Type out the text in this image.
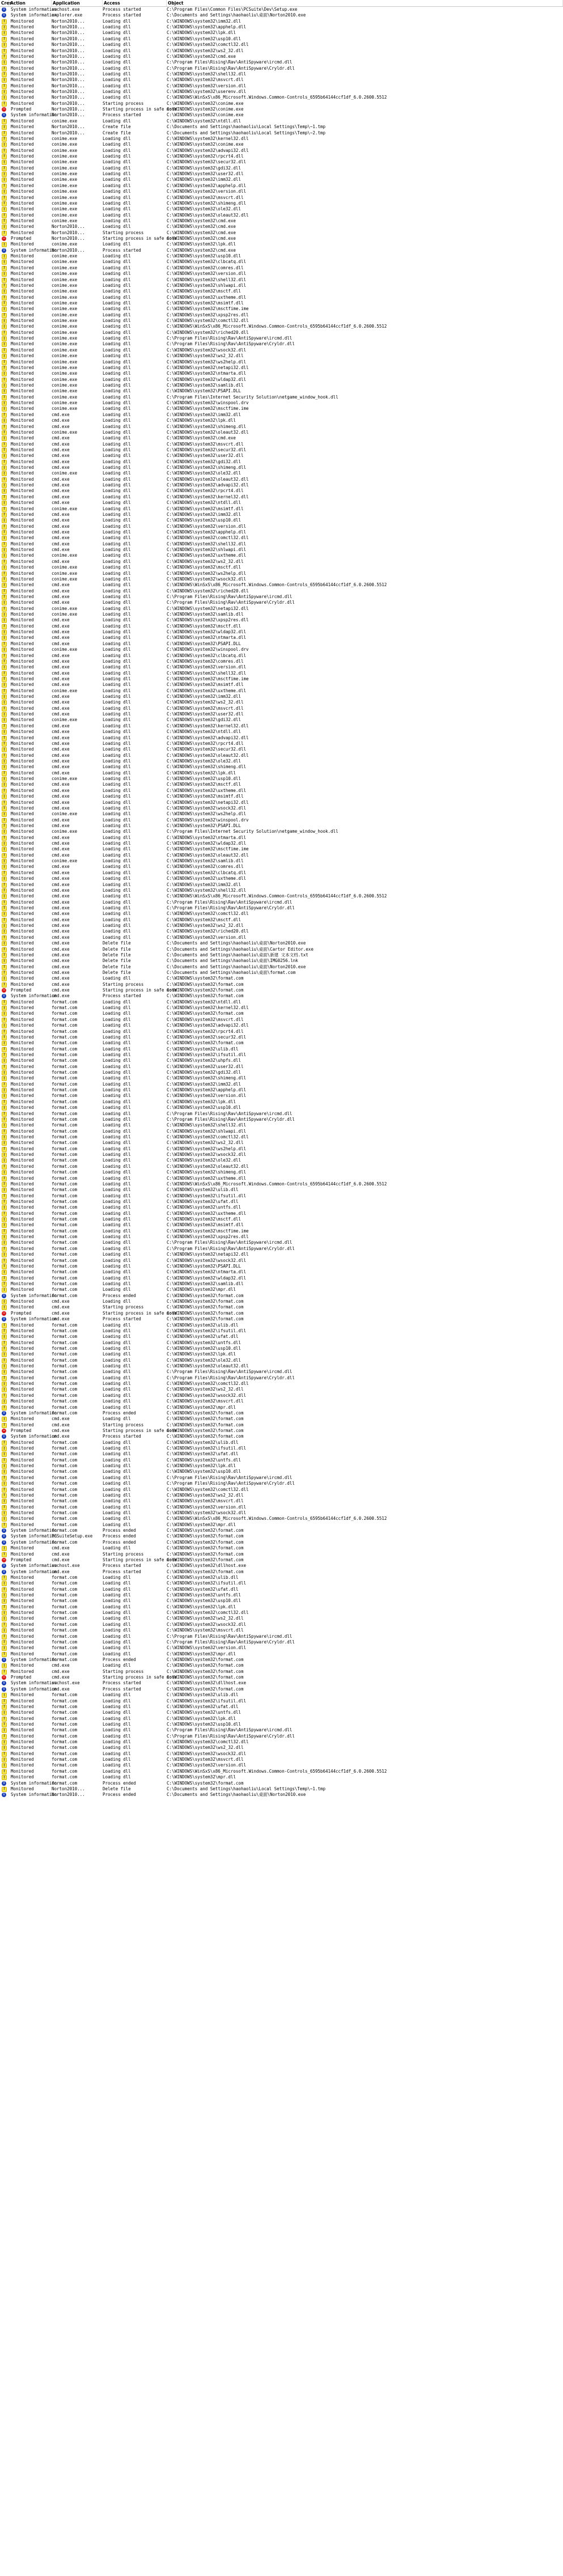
Cres
Action	Application	Access	Object
i	System information
svchost.exe	Process started	C:\Program Files\Common Files\PCSuite\Dev\Setup.exe
i	System information
explorer.exe	Process started	C:\Documents and Settings\haohaoliu\桌面\Norton2010.exe
!	Monitored	Norton2010...	Loading dll	C:\WINDOWS\system32\imm32.dll
!	Monitored	Norton2010...	Loading dll	C:\WINDOWS\system32\apphelp.dll
!	Monitored	Norton2010...	Loading dll	C:\WINDOWS\system32\lpk.dll
!	Monitored	Norton2010...	Loading dll	C:\WINDOWS\system32\usp10.dll
!	Monitored	Norton2010...	Loading dll	C:\WINDOWS\system32\comctl32.dll
!	Monitored	Norton2010...	Loading dll	C:\WINDOWS\system32\ws2_32.dll
!	Monitored	Norton2010...	Loading dll	C:\WINDOWS\system32\cmd.exe
!	Monitored	Norton2010...	Loading dll	C:\Program Files\Rising\Rav\AntiSpyware\ircmd.dll
!	Monitored	Norton2010...	Loading dll	C:\Program Files\Rising\Rav\AntiSpyware\Cryldr.dll
!	Monitored	Norton2010...	Loading dll	C:\WINDOWS\system32\shell32.dll
!	Monitored	Norton2010...	Loading dll	C:\WINDOWS\system32\msvcrt.dll
!	Monitored	Norton2010...	Loading dll	C:\WINDOWS\system32\version.dll
!	Monitored	Norton2010...	Loading dll	C:\WINDOWS\system32\userenv.dll
!	Monitored	Norton2010...	Loading dll	C:\WINDOWS\WinSxS\x86_Microsoft.Windows.Common-Controls_6595b64144ccf1df_6.0.2600.5512
!	Monitored	Norton2010...	Starting process	C:\WINDOWS\system32\conime.exe
−	Prompted	Norton2010...	Starting process in safe mode
C:\WINDOWS\system32\conime.exe
i	System information
Norton2010...	Process started	C:\WINDOWS\system32\conime.exe
!	Monitored	conime.exe	Loading dll	C:\WINDOWS\system32\ntdll.dll
!	Monitored	Norton2010...	Create file	C:\Documents and Settings\haohaoliu\Local Settings\Temp\~1.tmp
!	Monitored	Norton2010...	Create file	C:\Documents and Settings\haohaoliu\Local Settings\Temp\~2.tmp
!	Monitored	conime.exe	Loading dll	C:\WINDOWS\system32\kernel32.dll
!	Monitored	conime.exe	Loading dll	C:\WINDOWS\system32\conime.exe
!	Monitored	conime.exe	Loading dll	C:\WINDOWS\system32\advapi32.dll
!	Monitored	conime.exe	Loading dll	C:\WINDOWS\system32\rpcrt4.dll
!	Monitored	conime.exe	Loading dll	C:\WINDOWS\system32\secur32.dll
!	Monitored	conime.exe	Loading dll	C:\WINDOWS\system32\gdi32.dll
!	Monitored	conime.exe	Loading dll	C:\WINDOWS\system32\user32.dll
!	Monitored	conime.exe	Loading dll	C:\WINDOWS\system32\imm32.dll
!	Monitored	conime.exe	Loading dll	C:\WINDOWS\system32\apphelp.dll
!	Monitored	conime.exe	Loading dll	C:\WINDOWS\system32\version.dll
!	Monitored	conime.exe	Loading dll	C:\WINDOWS\system32\msvcrt.dll
!	Monitored	conime.exe	Loading dll	C:\WINDOWS\system32\shimeng.dll
!	Monitored	conime.exe	Loading dll	C:\WINDOWS\system32\ole32.dll
!	Monitored	conime.exe	Loading dll	C:\WINDOWS\system32\oleaut32.dll
!	Monitored	conime.exe	Loading dll	C:\WINDOWS\system32\cmd.exe
!	Monitored	Norton2010...	Loading dll	C:\WINDOWS\system32\cmd.exe
!	Monitored	Norton2010...	Starting process	C:\WINDOWS\system32\cmd.exe
−	Prompted	Norton2010...	Starting process in safe mode
C:\WINDOWS\system32\cmd.exe
!	Monitored	conime.exe	Loading dll	C:\WINDOWS\system32\lpk.dll
i	System information
Norton2010...	Process started	C:\WINDOWS\system32\cmd.exe
!	Monitored	conime.exe	Loading dll	C:\WINDOWS\system32\usp10.dll
!	Monitored	conime.exe	Loading dll	C:\WINDOWS\system32\clbcatq.dll
!	Monitored	conime.exe	Loading dll	C:\WINDOWS\system32\comres.dll
!	Monitored	conime.exe	Loading dll	C:\WINDOWS\system32\version.dll
!	Monitored	conime.exe	Loading dll	C:\WINDOWS\system32\shell32.dll
!	Monitored	conime.exe	Loading dll	C:\WINDOWS\system32\shlwapi.dll
!	Monitored	conime.exe	Loading dll	C:\WINDOWS\system32\msctf.dll
!	Monitored	conime.exe	Loading dll	C:\WINDOWS\system32\uxtheme.dll
!	Monitored	conime.exe	Loading dll	C:\WINDOWS\system32\msimtf.dll
!	Monitored	conime.exe	Loading dll	C:\WINDOWS\system32\msctfime.ime
!	Monitored	conime.exe	Loading dll	C:\WINDOWS\system32\xpsp2res.dll
!	Monitored	conime.exe	Loading dll	C:\WINDOWS\system32\comctl32.dll
!	Monitored	conime.exe	Loading dll	C:\WINDOWS\WinSxS\x86_Microsoft.Windows.Common-Controls_6595b64144ccf1df_6.0.2600.5512
!	Monitored	conime.exe	Loading dll	C:\WINDOWS\system32\riched20.dll
!	Monitored	conime.exe	Loading dll	C:\Program Files\Rising\Rav\AntiSpyware\ircmd.dll
!	Monitored	conime.exe	Loading dll	C:\Program Files\Rising\Rav\AntiSpyware\Cryldr.dll
!	Monitored	conime.exe	Loading dll	C:\WINDOWS\system32\wsock32.dll
!	Monitored	conime.exe	Loading dll	C:\WINDOWS\system32\ws2_32.dll
!	Monitored	conime.exe	Loading dll	C:\WINDOWS\system32\ws2help.dll
!	Monitored	conime.exe	Loading dll	C:\WINDOWS\system32\netapi32.dll
!	Monitored	conime.exe	Loading dll	C:\WINDOWS\system32\ntmarta.dll
!	Monitored	conime.exe	Loading dll	C:\WINDOWS\system32\wldap32.dll
!	Monitored	conime.exe	Loading dll	C:\WINDOWS\system32\samlib.dll
!	Monitored	conime.exe	Loading dll	C:\WINDOWS\system32\PSAPI.DLL
!	Monitored	conime.exe	Loading dll	C:\Program Files\Internet Security Solution\netgame_window_hook.dll
!	Monitored	conime.exe	Loading dll	C:\WINDOWS\system32\winspool.drv
!	Monitored	conime.exe	Loading dll	C:\WINDOWS\system32\msctfime.ime
!	Monitored	cmd.exe	Loading dll	C:\WINDOWS\system32\imm32.dll
!	Monitored	cmd.exe	Loading dll	C:\WINDOWS\system32\lpk.dll
!	Monitored	cmd.exe	Loading dll	C:\WINDOWS\system32\shimeng.dll
!	Monitored	conime.exe	Loading dll	C:\WINDOWS\system32\oleaut32.dll
!	Monitored	cmd.exe	Loading dll	C:\WINDOWS\system32\cmd.exe
!	Monitored	cmd.exe	Loading dll	C:\WINDOWS\system32\msvcrt.dll
!	Monitored	cmd.exe	Loading dll	C:\WINDOWS\system32\secur32.dll
!	Monitored	cmd.exe	Loading dll	C:\WINDOWS\system32\user32.dll
!	Monitored	cmd.exe	Loading dll	C:\WINDOWS\system32\gdi32.dll
!	Monitored	cmd.exe	Loading dll	C:\WINDOWS\system32\shimeng.dll
!	Monitored	conime.exe	Loading dll	C:\WINDOWS\system32\ole32.dll
!	Monitored	cmd.exe	Loading dll	C:\WINDOWS\system32\oleaut32.dll
!	Monitored	cmd.exe	Loading dll	C:\WINDOWS\system32\advapi32.dll
!	Monitored	cmd.exe	Loading dll	C:\WINDOWS\system32\rpcrt4.dll
!	Monitored	cmd.exe	Loading dll	C:\WINDOWS\system32\kernel32.dll
!	Monitored	cmd.exe	Loading dll	C:\WINDOWS\system32\ntdll.dll
!	Monitored	conime.exe	Loading dll	C:\WINDOWS\system32\msimtf.dll
!	Monitored	cmd.exe	Loading dll	C:\WINDOWS\system32\imm32.dll
!	Monitored	cmd.exe	Loading dll	C:\WINDOWS\system32\usp10.dll
!	Monitored	cmd.exe	Loading dll	C:\WINDOWS\system32\version.dll
!	Monitored	cmd.exe	Loading dll	C:\WINDOWS\system32\apphelp.dll
!	Monitored	cmd.exe	Loading dll	C:\WINDOWS\system32\comctl32.dll
!	Monitored	cmd.exe	Loading dll	C:\WINDOWS\system32\shell32.dll
!	Monitored	cmd.exe	Loading dll	C:\WINDOWS\system32\shlwapi.dll
!	Monitored	conime.exe	Loading dll	C:\WINDOWS\system32\uxtheme.dll
!	Monitored	cmd.exe	Loading dll	C:\WINDOWS\system32\ws2_32.dll
!	Monitored	conime.exe	Loading dll	C:\WINDOWS\system32\msctf.dll
!	Monitored	conime.exe	Loading dll	C:\WINDOWS\system32\ws2help.dll
!	Monitored	conime.exe	Loading dll	C:\WINDOWS\system32\wsock32.dll
!	Monitored	cmd.exe	Loading dll	C:\WINDOWS\WinSxS\x86_Microsoft.Windows.Common-Controls_6595b64144ccf1df_6.0.2600.5512
!	Monitored	cmd.exe	Loading dll	C:\WINDOWS\system32\riched20.dll
!	Monitored	cmd.exe	Loading dll	C:\Program Files\Rising\Rav\AntiSpyware\ircmd.dll
!	Monitored	cmd.exe	Loading dll	C:\Program Files\Rising\Rav\AntiSpyware\Cryldr.dll
!	Monitored	conime.exe	Loading dll	C:\WINDOWS\system32\netapi32.dll
!	Monitored	conime.exe	Loading dll	C:\WINDOWS\system32\samlib.dll
!	Monitored	cmd.exe	Loading dll	C:\WINDOWS\system32\xpsp2res.dll
!	Monitored	cmd.exe	Loading dll	C:\WINDOWS\system32\msctf.dll
!	Monitored	cmd.exe	Loading dll	C:\WINDOWS\system32\wldap32.dll
!	Monitored	cmd.exe	Loading dll	C:\WINDOWS\system32\ntmarta.dll
!	Monitored	cmd.exe	Loading dll	C:\WINDOWS\system32\PSAPI.DLL
!	Monitored	conime.exe	Loading dll	C:\WINDOWS\system32\winspool.drv
!	Monitored	cmd.exe	Loading dll	C:\WINDOWS\system32\clbcatq.dll
!	Monitored	cmd.exe	Loading dll	C:\WINDOWS\system32\comres.dll
!	Monitored	cmd.exe	Loading dll	C:\WINDOWS\system32\version.dll
!	Monitored	cmd.exe	Loading dll	C:\WINDOWS\system32\shell32.dll
!	Monitored	cmd.exe	Loading dll	C:\WINDOWS\system32\msctfime.ime
!	Monitored	cmd.exe	Loading dll	C:\WINDOWS\system32\msimtf.dll
!	Monitored	conime.exe	Loading dll	C:\WINDOWS\system32\uxtheme.dll
!	Monitored	cmd.exe	Loading dll	C:\WINDOWS\system32\imm32.dll
!	Monitored	cmd.exe	Loading dll	C:\WINDOWS\system32\ws2_32.dll
!	Monitored	cmd.exe	Loading dll	C:\WINDOWS\system32\msvcrt.dll
!	Monitored	cmd.exe	Loading dll	C:\WINDOWS\system32\user32.dll
!	Monitored	conime.exe	Loading dll	C:\WINDOWS\system32\gdi32.dll
!	Monitored	cmd.exe	Loading dll	C:\WINDOWS\system32\kernel32.dll
!	Monitored	cmd.exe	Loading dll	C:\WINDOWS\system32\ntdll.dll
!	Monitored	cmd.exe	Loading dll	C:\WINDOWS\system32\advapi32.dll
!	Monitored	cmd.exe	Loading dll	C:\WINDOWS\system32\rpcrt4.dll
!	Monitored	cmd.exe	Loading dll	C:\WINDOWS\system32\secur32.dll
!	Monitored	cmd.exe	Loading dll	C:\WINDOWS\system32\oleaut32.dll
!	Monitored	cmd.exe	Loading dll	C:\WINDOWS\system32\ole32.dll
!	Monitored	cmd.exe	Loading dll	C:\WINDOWS\system32\shimeng.dll
!	Monitored	cmd.exe	Loading dll	C:\WINDOWS\system32\lpk.dll
!	Monitored	conime.exe	Loading dll	C:\WINDOWS\system32\usp10.dll
!	Monitored	cmd.exe	Loading dll	C:\WINDOWS\system32\msctf.dll
!	Monitored	cmd.exe	Loading dll	C:\WINDOWS\system32\uxtheme.dll
!	Monitored	cmd.exe	Loading dll	C:\WINDOWS\system32\msimtf.dll
!	Monitored	cmd.exe	Loading dll	C:\WINDOWS\system32\netapi32.dll
!	Monitored	cmd.exe	Loading dll	C:\WINDOWS\system32\wsock32.dll
!	Monitored	conime.exe	Loading dll	C:\WINDOWS\system32\ws2help.dll
!	Monitored	cmd.exe	Loading dll	C:\WINDOWS\system32\winspool.drv
!	Monitored	cmd.exe	Loading dll	C:\WINDOWS\system32\PSAPI.DLL
!	Monitored	conime.exe	Loading dll	C:\Program Files\Internet Security Solution\netgame_window_hook.dll
!	Monitored	cmd.exe	Loading dll	C:\WINDOWS\system32\ntmarta.dll
!	Monitored	cmd.exe	Loading dll	C:\WINDOWS\system32\wldap32.dll
!	Monitored	cmd.exe	Loading dll	C:\WINDOWS\system32\msctfime.ime
!	Monitored	cmd.exe	Loading dll	C:\WINDOWS\system32\oleaut32.dll
!	Monitored	conime.exe	Loading dll	C:\WINDOWS\system32\samlib.dll
!	Monitored	cmd.exe	Loading dll	C:\WINDOWS\system32\comres.dll
!	Monitored	cmd.exe	Loading dll	C:\WINDOWS\system32\clbcatq.dll
!	Monitored	cmd.exe	Loading dll	C:\WINDOWS\system32\uxtheme.dll
!	Monitored	cmd.exe	Loading dll	C:\WINDOWS\system32\imm32.dll
!	Monitored	cmd.exe	Loading dll	C:\WINDOWS\system32\shell32.dll
!	Monitored	cmd.exe	Loading dll	C:\WINDOWS\WinSxS\x86_Microsoft.Windows.Common-Controls_6595b64144ccf1df_6.0.2600.5512
!	Monitored	cmd.exe	Loading dll	C:\Program Files\Rising\Rav\AntiSpyware\ircmd.dll
!	Monitored	cmd.exe	Loading dll	C:\Program Files\Rising\Rav\AntiSpyware\Cryldr.dll
!	Monitored	cmd.exe	Loading dll	C:\WINDOWS\system32\comctl32.dll
!	Monitored	cmd.exe	Loading dll	C:\WINDOWS\system32\msctf.dll
!	Monitored	cmd.exe	Loading dll	C:\WINDOWS\system32\ws2_32.dll
!	Monitored	cmd.exe	Loading dll	C:\WINDOWS\system32\riched20.dll
!	Monitored	cmd.exe	Loading dll	C:\WINDOWS\system32\version.dll
!	Monitored	cmd.exe	Delete file	C:\Documents and Settings\haohaoliu\桌面\Norton2010.exe
!	Monitored	cmd.exe	Delete file	C:\Documents and Settings\haohaoliu\桌面\Cartor Editor.exe
!	Monitored	cmd.exe	Delete file	C:\Documents and Settings\haohaoliu\桌面\新建 文本文档.txt
!	Monitored	cmd.exe	Delete file	C:\Documents and Settings\haohaoliu\桌面\IMG0256.lnk
!	Monitored	cmd.exe	Delete file	C:\Documents and Settings\haohaoliu\桌面\Norton2010.exe
!	Monitored	cmd.exe	Delete file	C:\Documents and Settings\haohaoliu\桌面\format.com
!	Monitored	cmd.exe	Loading dll	C:\WINDOWS\system32\format.com
!	Monitored	cmd.exe	Starting process	C:\WINDOWS\system32\format.com
−	Prompted	cmd.exe	Starting process in safe mode
C:\WINDOWS\system32\format.com
i	System information
cmd.exe	Process started	C:\WINDOWS\system32\format.com
!	Monitored	format.com	Loading dll	C:\WINDOWS\system32\ntdll.dll
!	Monitored	format.com	Loading dll	C:\WINDOWS\system32\kernel32.dll
!	Monitored	format.com	Loading dll	C:\WINDOWS\system32\format.com
!	Monitored	format.com	Loading dll	C:\WINDOWS\system32\msvcrt.dll
!	Monitored	format.com	Loading dll	C:\WINDOWS\system32\advapi32.dll
!	Monitored	format.com	Loading dll	C:\WINDOWS\system32\rpcrt4.dll
!	Monitored	format.com	Loading dll	C:\WINDOWS\system32\secur32.dll
!	Monitored	format.com	Loading dll	C:\WINDOWS\system32\format.com
!	Monitored	format.com	Loading dll	C:\WINDOWS\system32\ulib.dll
!	Monitored	format.com	Loading dll	C:\WINDOWS\system32\ifsutil.dll
!	Monitored	format.com	Loading dll	C:\WINDOWS\system32\uhpfs.dll
!	Monitored	format.com	Loading dll	C:\WINDOWS\system32\user32.dll
!	Monitored	format.com	Loading dll	C:\WINDOWS\system32\gdi32.dll
!	Monitored	format.com	Loading dll	C:\WINDOWS\system32\shimeng.dll
!	Monitored	format.com	Loading dll	C:\WINDOWS\system32\imm32.dll
!	Monitored	format.com	Loading dll	C:\WINDOWS\system32\apphelp.dll
!	Monitored	format.com	Loading dll	C:\WINDOWS\system32\version.dll
!	Monitored	format.com	Loading dll	C:\WINDOWS\system32\lpk.dll
!	Monitored	format.com	Loading dll	C:\WINDOWS\system32\usp10.dll
!	Monitored	format.com	Loading dll	C:\Program Files\Rising\Rav\AntiSpyware\ircmd.dll
!	Monitored	format.com	Loading dll	C:\Program Files\Rising\Rav\AntiSpyware\Cryldr.dll
!	Monitored	format.com	Loading dll	C:\WINDOWS\system32\shell32.dll
!	Monitored	format.com	Loading dll	C:\WINDOWS\system32\shlwapi.dll
!	Monitored	format.com	Loading dll	C:\WINDOWS\system32\comctl32.dll
!	Monitored	format.com	Loading dll	C:\WINDOWS\system32\ws2_32.dll
!	Monitored	format.com	Loading dll	C:\WINDOWS\system32\ws2help.dll
!	Monitored	format.com	Loading dll	C:\WINDOWS\system32\wsock32.dll
!	Monitored	format.com	Loading dll	C:\WINDOWS\system32\ole32.dll
!	Monitored	format.com	Loading dll	C:\WINDOWS\system32\oleaut32.dll
!	Monitored	format.com	Loading dll	C:\WINDOWS\system32\shimeng.dll
!	Monitored	format.com	Loading dll	C:\WINDOWS\system32\uxtheme.dll
!	Monitored	format.com	Loading dll	C:\WINDOWS\WinSxS\x86_Microsoft.Windows.Common-Controls_6595b64144ccf1df_6.0.2600.5512
!	Monitored	format.com	Loading dll	C:\WINDOWS\system32\ulib.dll
!	Monitored	format.com	Loading dll	C:\WINDOWS\system32\ifsutil.dll
!	Monitored	format.com	Loading dll	C:\WINDOWS\system32\ufat.dll
!	Monitored	format.com	Loading dll	C:\WINDOWS\system32\untfs.dll
!	Monitored	format.com	Loading dll	C:\WINDOWS\system32\uxtheme.dll
!	Monitored	format.com	Loading dll	C:\WINDOWS\system32\msctf.dll
!	Monitored	format.com	Loading dll	C:\WINDOWS\system32\msimtf.dll
!	Monitored	format.com	Loading dll	C:\WINDOWS\system32\msctfime.ime
!	Monitored	format.com	Loading dll	C:\WINDOWS\system32\xpsp2res.dll
!	Monitored	format.com	Loading dll	C:\Program Files\Rising\Rav\AntiSpyware\ircmd.dll
!	Monitored	format.com	Loading dll	C:\Program Files\Rising\Rav\AntiSpyware\Cryldr.dll
!	Monitored	format.com	Loading dll	C:\WINDOWS\system32\netapi32.dll
!	Monitored	format.com	Loading dll	C:\WINDOWS\system32\wsock32.dll
!	Monitored	format.com	Loading dll	C:\WINDOWS\system32\PSAPI.DLL
!	Monitored	format.com	Loading dll	C:\WINDOWS\system32\ntmarta.dll
!	Monitored	format.com	Loading dll	C:\WINDOWS\system32\wldap32.dll
!	Monitored	format.com	Loading dll	C:\WINDOWS\system32\samlib.dll
!	Monitored	format.com	Loading dll	C:\WINDOWS\system32\mpr.dll
i	System information
format.com	Process ended	C:\WINDOWS\system32\format.com
!	Monitored	cmd.exe	Loading dll	C:\WINDOWS\system32\format.com
!	Monitored	cmd.exe	Starting process	C:\WINDOWS\system32\format.com
−	Prompted	cmd.exe	Starting process in safe mode
C:\WINDOWS\system32\format.com
i	System information
cmd.exe	Process started	C:\WINDOWS\system32\format.com
!	Monitored	format.com	Loading dll	C:\WINDOWS\system32\ulib.dll
!	Monitored	format.com	Loading dll	C:\WINDOWS\system32\ifsutil.dll
!	Monitored	format.com	Loading dll	C:\WINDOWS\system32\ufat.dll
!	Monitored	format.com	Loading dll	C:\WINDOWS\system32\untfs.dll
!	Monitored	format.com	Loading dll	C:\WINDOWS\system32\usp10.dll
!	Monitored	format.com	Loading dll	C:\WINDOWS\system32\lpk.dll
!	Monitored	format.com	Loading dll	C:\WINDOWS\system32\ole32.dll
!	Monitored	format.com	Loading dll	C:\WINDOWS\system32\oleaut32.dll
!	Monitored	format.com	Loading dll	C:\Program Files\Rising\Rav\AntiSpyware\ircmd.dll
!	Monitored	format.com	Loading dll	C:\Program Files\Rising\Rav\AntiSpyware\Cryldr.dll
!	Monitored	format.com	Loading dll	C:\WINDOWS\system32\comctl32.dll
!	Monitored	format.com	Loading dll	C:\WINDOWS\system32\ws2_32.dll
!	Monitored	format.com	Loading dll	C:\WINDOWS\system32\wsock32.dll
!	Monitored	format.com	Loading dll	C:\WINDOWS\system32\msvcrt.dll
!	Monitored	format.com	Loading dll	C:\WINDOWS\system32\mpr.dll
i	System information
format.com	Process ended	C:\WINDOWS\system32\format.com
!	Monitored	cmd.exe	Loading dll	C:\WINDOWS\system32\format.com
!	Monitored	cmd.exe	Starting process	C:\WINDOWS\system32\format.com
−	Prompted	cmd.exe	Starting process in safe mode
C:\WINDOWS\system32\format.com
i	System information
cmd.exe	Process started	C:\WINDOWS\system32\format.com
!	Monitored	format.com	Loading dll	C:\WINDOWS\system32\ulib.dll
!	Monitored	format.com	Loading dll	C:\WINDOWS\system32\ifsutil.dll
!	Monitored	format.com	Loading dll	C:\WINDOWS\system32\ufat.dll
!	Monitored	format.com	Loading dll	C:\WINDOWS\system32\untfs.dll
!	Monitored	format.com	Loading dll	C:\WINDOWS\system32\lpk.dll
!	Monitored	format.com	Loading dll	C:\WINDOWS\system32\usp10.dll
!	Monitored	format.com	Loading dll	C:\Program Files\Rising\Rav\AntiSpyware\ircmd.dll
!	Monitored	format.com	Loading dll	C:\Program Files\Rising\Rav\AntiSpyware\Cryldr.dll
!	Monitored	format.com	Loading dll	C:\WINDOWS\system32\comctl32.dll
!	Monitored	format.com	Loading dll	C:\WINDOWS\system32\ws2_32.dll
!	Monitored	format.com	Loading dll	C:\WINDOWS\system32\msvcrt.dll
!	Monitored	format.com	Loading dll	C:\WINDOWS\system32\version.dll
!	Monitored	format.com	Loading dll	C:\WINDOWS\system32\wsock32.dll
!	Monitored	format.com	Loading dll	C:\WINDOWS\WinSxS\x86_Microsoft.Windows.Common-Controls_6595b64144ccf1df_6.0.2600.5512
!	Monitored	format.com	Loading dll	C:\WINDOWS\system32\mpr.dll
i	System information
format.com	Process ended	C:\WINDOWS\system32\format.com
i	System information
PCSuiteSetup.exe	Process ended	C:\WINDOWS\system32\format.com
i	System information
format.com	Process ended	C:\WINDOWS\system32\format.com
!	Monitored	cmd.exe	Loading dll	C:\WINDOWS\system32\format.com
!	Monitored	cmd.exe	Starting process	C:\WINDOWS\system32\format.com
−	Prompted	cmd.exe	Starting process in safe mode
C:\WINDOWS\system32\format.com
i	System information
svchost.exe	Process started	C:\WINDOWS\system32\dllhost.exe
i	System information
cmd.exe	Process started	C:\WINDOWS\system32\format.com
!	Monitored	format.com	Loading dll	C:\WINDOWS\system32\ulib.dll
!	Monitored	format.com	Loading dll	C:\WINDOWS\system32\ifsutil.dll
!	Monitored	format.com	Loading dll	C:\WINDOWS\system32\ufat.dll
!	Monitored	format.com	Loading dll	C:\WINDOWS\system32\untfs.dll
!	Monitored	format.com	Loading dll	C:\WINDOWS\system32\usp10.dll
!	Monitored	format.com	Loading dll	C:\WINDOWS\system32\lpk.dll
!	Monitored	format.com	Loading dll	C:\WINDOWS\system32\comctl32.dll
!	Monitored	format.com	Loading dll	C:\WINDOWS\system32\ws2_32.dll
!	Monitored	format.com	Loading dll	C:\WINDOWS\system32\wsock32.dll
!	Monitored	format.com	Loading dll	C:\WINDOWS\system32\msvcrt.dll
!	Monitored	format.com	Loading dll	C:\Program Files\Rising\Rav\AntiSpyware\ircmd.dll
!	Monitored	format.com	Loading dll	C:\Program Files\Rising\Rav\AntiSpyware\Cryldr.dll
!	Monitored	format.com	Loading dll	C:\WINDOWS\system32\version.dll
!	Monitored	format.com	Loading dll	C:\WINDOWS\system32\mpr.dll
i	System information
format.com	Process ended	C:\WINDOWS\system32\format.com
!	Monitored	cmd.exe	Loading dll	C:\WINDOWS\system32\format.com
!	Monitored	cmd.exe	Starting process	C:\WINDOWS\system32\format.com
−	Prompted	cmd.exe	Starting process in safe mode
C:\WINDOWS\system32\format.com
i	System information
svchost.exe	Process started	C:\WINDOWS\system32\dllhost.exe
i	System information
cmd.exe	Process started	C:\WINDOWS\system32\format.com
!	Monitored	format.com	Loading dll	C:\WINDOWS\system32\ulib.dll
!	Monitored	format.com	Loading dll	C:\WINDOWS\system32\ifsutil.dll
!	Monitored	format.com	Loading dll	C:\WINDOWS\system32\ufat.dll
!	Monitored	format.com	Loading dll	C:\WINDOWS\system32\untfs.dll
!	Monitored	format.com	Loading dll	C:\WINDOWS\system32\lpk.dll
!	Monitored	format.com	Loading dll	C:\WINDOWS\system32\usp10.dll
!	Monitored	format.com	Loading dll	C:\Program Files\Rising\Rav\AntiSpyware\ircmd.dll
!	Monitored	format.com	Loading dll	C:\Program Files\Rising\Rav\AntiSpyware\Cryldr.dll
!	Monitored	format.com	Loading dll	C:\WINDOWS\system32\comctl32.dll
!	Monitored	format.com	Loading dll	C:\WINDOWS\system32\ws2_32.dll
!	Monitored	format.com	Loading dll	C:\WINDOWS\system32\wsock32.dll
!	Monitored	format.com	Loading dll	C:\WINDOWS\system32\msvcrt.dll
!	Monitored	format.com	Loading dll	C:\WINDOWS\system32\version.dll
!	Monitored	format.com	Loading dll	C:\WINDOWS\WinSxS\x86_Microsoft.Windows.Common-Controls_6595b64144ccf1df_6.0.2600.5512
!	Monitored	format.com	Loading dll	C:\WINDOWS\system32\mpr.dll
i	System information
format.com	Process ended	C:\WINDOWS\system32\format.com
!	Monitored	Norton2010...	Delete file	C:\Documents and Settings\haohaoliu\Local Settings\Temp\~1.tmp
i	System information
Norton2010...	Process ended	C:\Documents and Settings\haohaoliu\桌面\Norton2010.exe
